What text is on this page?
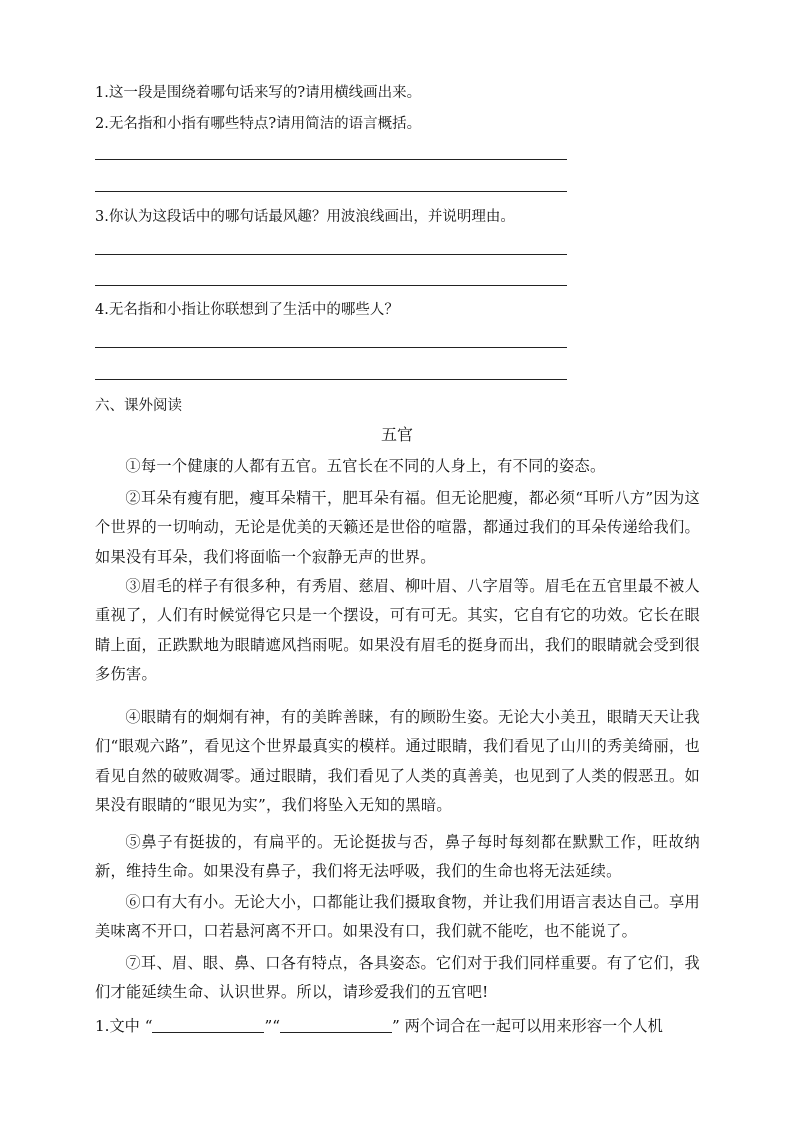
1.这一段是围绕着哪句话来写的?请用横线画出来。
2.无名指和小指有哪些特点?请用简洁的语言概括。
3.你认为这段话中的哪句话最风趣？用波浪线画出，并说明理由。
4.无名指和小指让你联想到了生活中的哪些人？
六、课外阅读
五官
①每一个健康的人都有五官。五官长在不同的人身上，有不同的姿态。
②耳朵有瘦有肥，瘦耳朵精干，肥耳朵有福。但无论肥瘦，都必须“耳听八方”因为这个世界的一切响动，无论是优美的天籁还是世俗的喧嚣，都通过我们的耳朵传递给我们。如果没有耳朵，我们将面临一个寂静无声的世界。
③眉毛的样子有很多种，有秀眉、慈眉、柳叶眉、八字眉等。眉毛在五官里最不被人重视了，人们有时候觉得它只是一个摆设，可有可无。其实，它自有它的功效。它长在眼睛上面，正跌默地为眼睛遮风挡雨呢。如果没有眉毛的挺身而出，我们的眼睛就会受到很多伤害。
④眼睛有的炯炯有神，有的美眸善睐，有的顾盼生姿。无论大小美丑，眼睛天天让我们“眼观六路”，看见这个世界最真实的模样。通过眼睛，我们看见了山川的秀美绮丽，也看见自然的破败凋零。通过眼睛，我们看见了人类的真善美，也见到了人类的假恶丑。如果没有眼睛的“眼见为实”，我们将坠入无知的黑暗。
⑤鼻子有挺拔的，有扁平的。无论挺拔与否，鼻子每时每刻都在默默工作，旺故纳新，维持生命。如果没有鼻子，我们将无法呼吸，我们的生命也将无法延续。
⑥口有大有小。无论大小，口都能让我们摄取食物，并让我们用语言表达自己。享用美味离不开口，口若悬河离不开口。如果没有口，我们就不能吃，也不能说了。
⑦耳、眉、眼、鼻、口各有特点，各具姿态。它们对于我们同样重要。有了它们，我们才能延续生命、认识世界。所以，请珍爱我们的五官吧!
1.文中 “	”“	” 两个词合在一起可以用来形容一个人机
